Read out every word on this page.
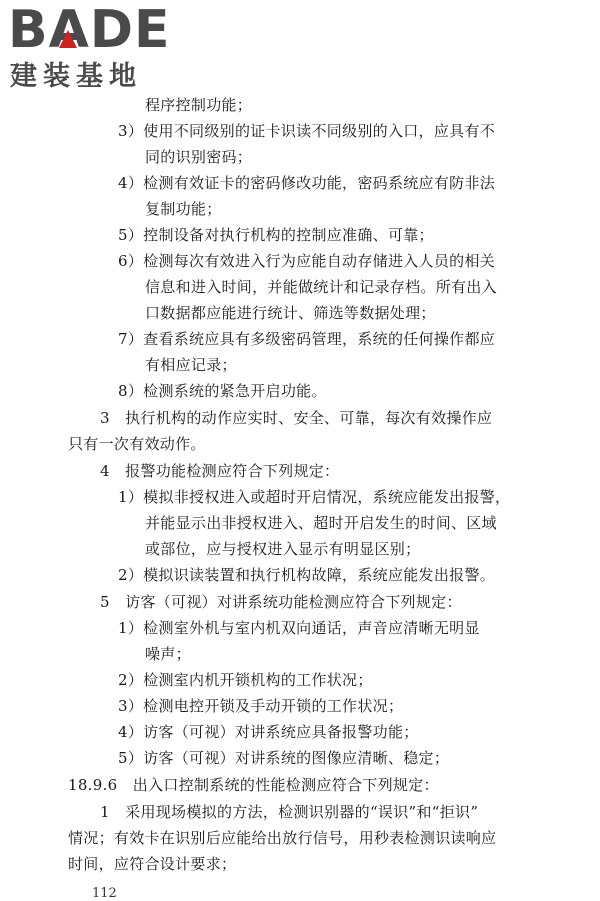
BADE
建装基地
程序控制功能；
3）使用不同级别的证卡识读不同级别的入口，应具有不
同的识别密码；
4）检测有效证卡的密码修改功能，密码系统应有防非法
复制功能；
5）控制设备对执行机构的控制应准确、可靠；
6）检测每次有效进入行为应能自动存储进入人员的相关
信息和进入时间，并能做统计和记录存档。所有出入
口数据都应能进行统计、筛选等数据处理；
7）查看系统应具有多级密码管理，系统的任何操作都应
有相应记录；
8）检测系统的紧急开启功能。
3　执行机构的动作应实时、安全、可靠，每次有效操作应
只有一次有效动作。
4　报警功能检测应符合下列规定：
1）模拟非授权进入或超时开启情况，系统应能发出报警，
并能显示出非授权进入、超时开启发生的时间、区域
或部位，应与授权进入显示有明显区别；
2）模拟识读装置和执行机构故障，系统应能发出报警。
5　访客（可视）对讲系统功能检测应符合下列规定：
1）检测室外机与室内机双向通话，声音应清晰无明显
噪声；
2）检测室内机开锁机构的工作状况；
3）检测电控开锁及手动开锁的工作状况；
4）访客（可视）对讲系统应具备报警功能；
5）访客（可视）对讲系统的图像应清晰、稳定；
18.9.6　出入口控制系统的性能检测应符合下列规定：
1　采用现场模拟的方法，检测识别器的“误识”和“拒识”
情况；有效卡在识别后应能给出放行信号，用秒表检测识读响应
时间，应符合设计要求；
112
